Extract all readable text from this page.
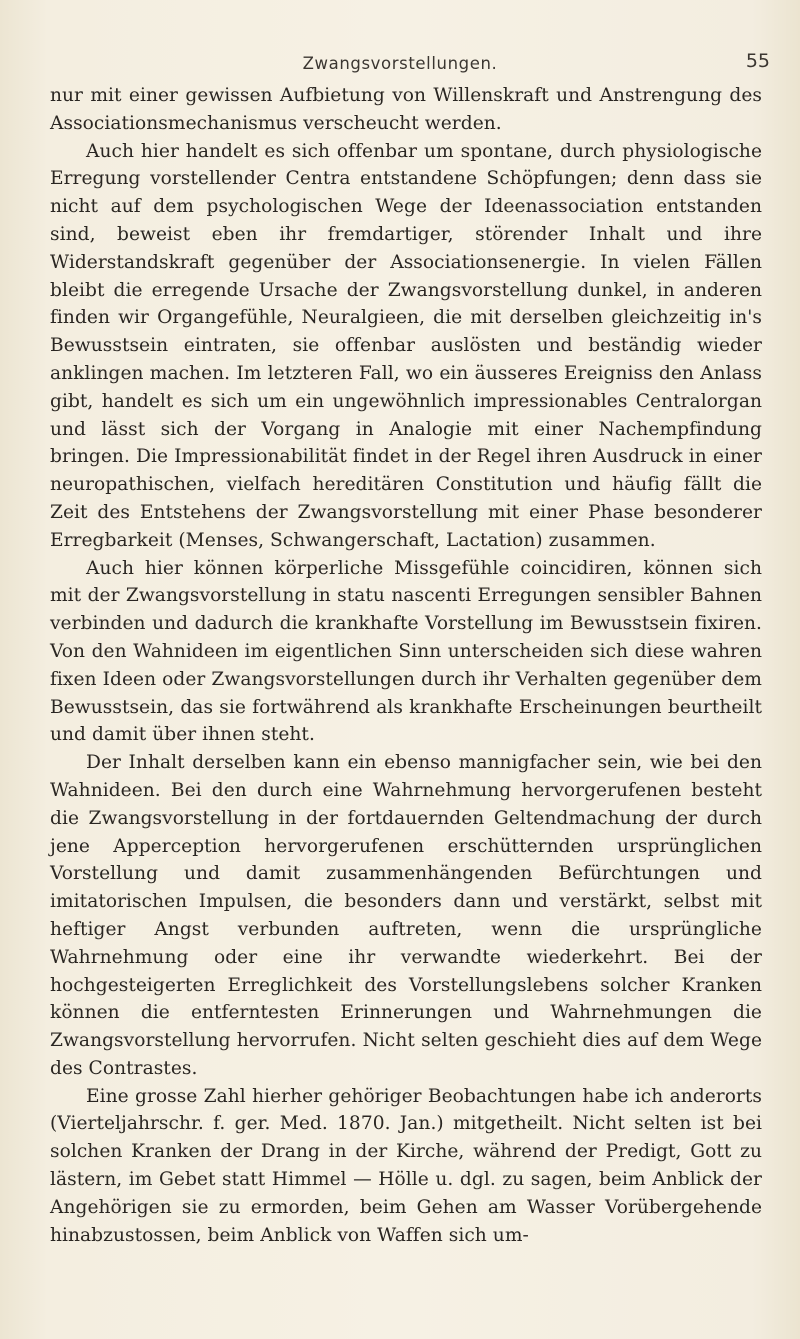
Zwangsvorstellungen.	55

nur mit einer gewissen Aufbietung von Willenskraft und Anstrengung des Associationsmechanismus verscheucht werden.

Auch hier handelt es sich offenbar um spontane, durch physiologische Erregung vorstellender Centra entstandene Schöpfungen; denn dass sie nicht auf dem psychologischen Wege der Ideenassociation entstanden sind, beweist eben ihr fremdartiger, störender Inhalt und ihre Widerstandskraft gegenüber der Associationsenergie. In vielen Fällen bleibt die erregende Ursache der Zwangsvorstellung dunkel, in anderen finden wir Organgefühle, Neuralgieen, die mit derselben gleichzeitig in's Bewusstsein eintraten, sie offenbar auslösten und beständig wieder anklingen machen. Im letzteren Fall, wo ein äusseres Ereigniss den Anlass gibt, handelt es sich um ein ungewöhnlich impressionables Centralorgan und lässt sich der Vorgang in Analogie mit einer Nachempfindung bringen. Die Impressionabilität findet in der Regel ihren Ausdruck in einer neuropathischen, vielfach hereditären Constitution und häufig fällt die Zeit des Entstehens der Zwangsvorstellung mit einer Phase besonderer Erregbarkeit (Menses, Schwangerschaft, Lactation) zusammen.

Auch hier können körperliche Missgefühle coincidiren, können sich mit der Zwangsvorstellung in statu nascenti Erregungen sensibler Bahnen verbinden und dadurch die krankhafte Vorstellung im Bewusstsein fixiren. Von den Wahnideen im eigentlichen Sinn unterscheiden sich diese wahren fixen Ideen oder Zwangsvorstellungen durch ihr Verhalten gegenüber dem Bewusstsein, das sie fortwährend als krankhafte Erscheinungen beurtheilt und damit über ihnen steht.

Der Inhalt derselben kann ein ebenso mannigfacher sein, wie bei den Wahnideen. Bei den durch eine Wahrnehmung hervorgerufenen besteht die Zwangsvorstellung in der fortdauernden Geltendmachung der durch jene Apperception hervorgerufenen erschütternden ursprünglichen Vorstellung und damit zusammenhängenden Befürchtungen und imitatorischen Impulsen, die besonders dann und verstärkt, selbst mit heftiger Angst verbunden auftreten, wenn die ursprüngliche Wahrnehmung oder eine ihr verwandte wiederkehrt. Bei der hochgesteigerten Erreglichkeit des Vorstellungslebens solcher Kranken können die entferntesten Erinnerungen und Wahrnehmungen die Zwangsvorstellung hervorrufen. Nicht selten geschieht dies auf dem Wege des Contrastes.

Eine grosse Zahl hierher gehöriger Beobachtungen habe ich anderorts (Vierteljahrschr. f. ger. Med. 1870. Jan.) mitgetheilt. Nicht selten ist bei solchen Kranken der Drang in der Kirche, während der Predigt, Gott zu lästern, im Gebet statt Himmel — Hölle u. dgl. zu sagen, beim Anblick der Angehörigen sie zu ermorden, beim Gehen am Wasser Vorübergehende hinabzustossen, beim Anblick von Waffen sich um-
